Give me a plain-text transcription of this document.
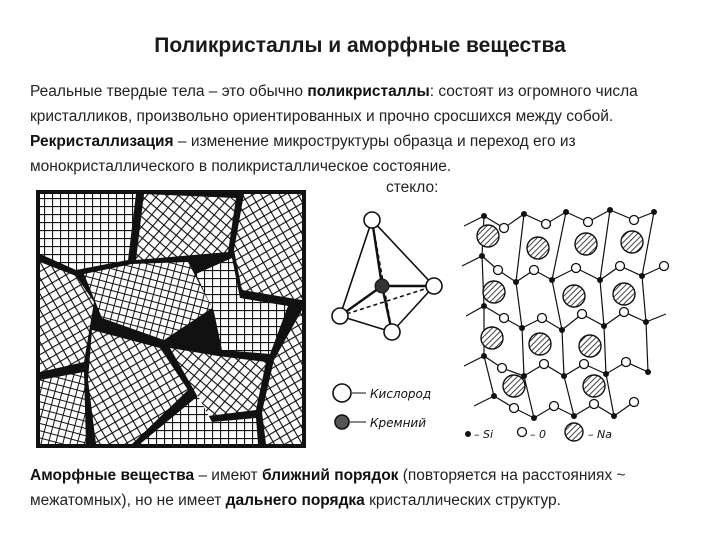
Поликристаллы и аморфные вещества
Реальные твердые тела – это обычно поликристаллы: состоят из огромного числа кристалликов, произвольно ориентированных и прочно сросшихся между собой.
Рекристаллизация – изменение микроструктуры образца и переход его из монокристаллического в поликристаллическое состояние.
стекло:
Кислород
Кремний
– Si	– 0	– Na
Аморфные вещества – имеют ближний порядок (повторяется на расстояниях ~ межатомных), но не имеет дальнего порядка кристаллических структур.
